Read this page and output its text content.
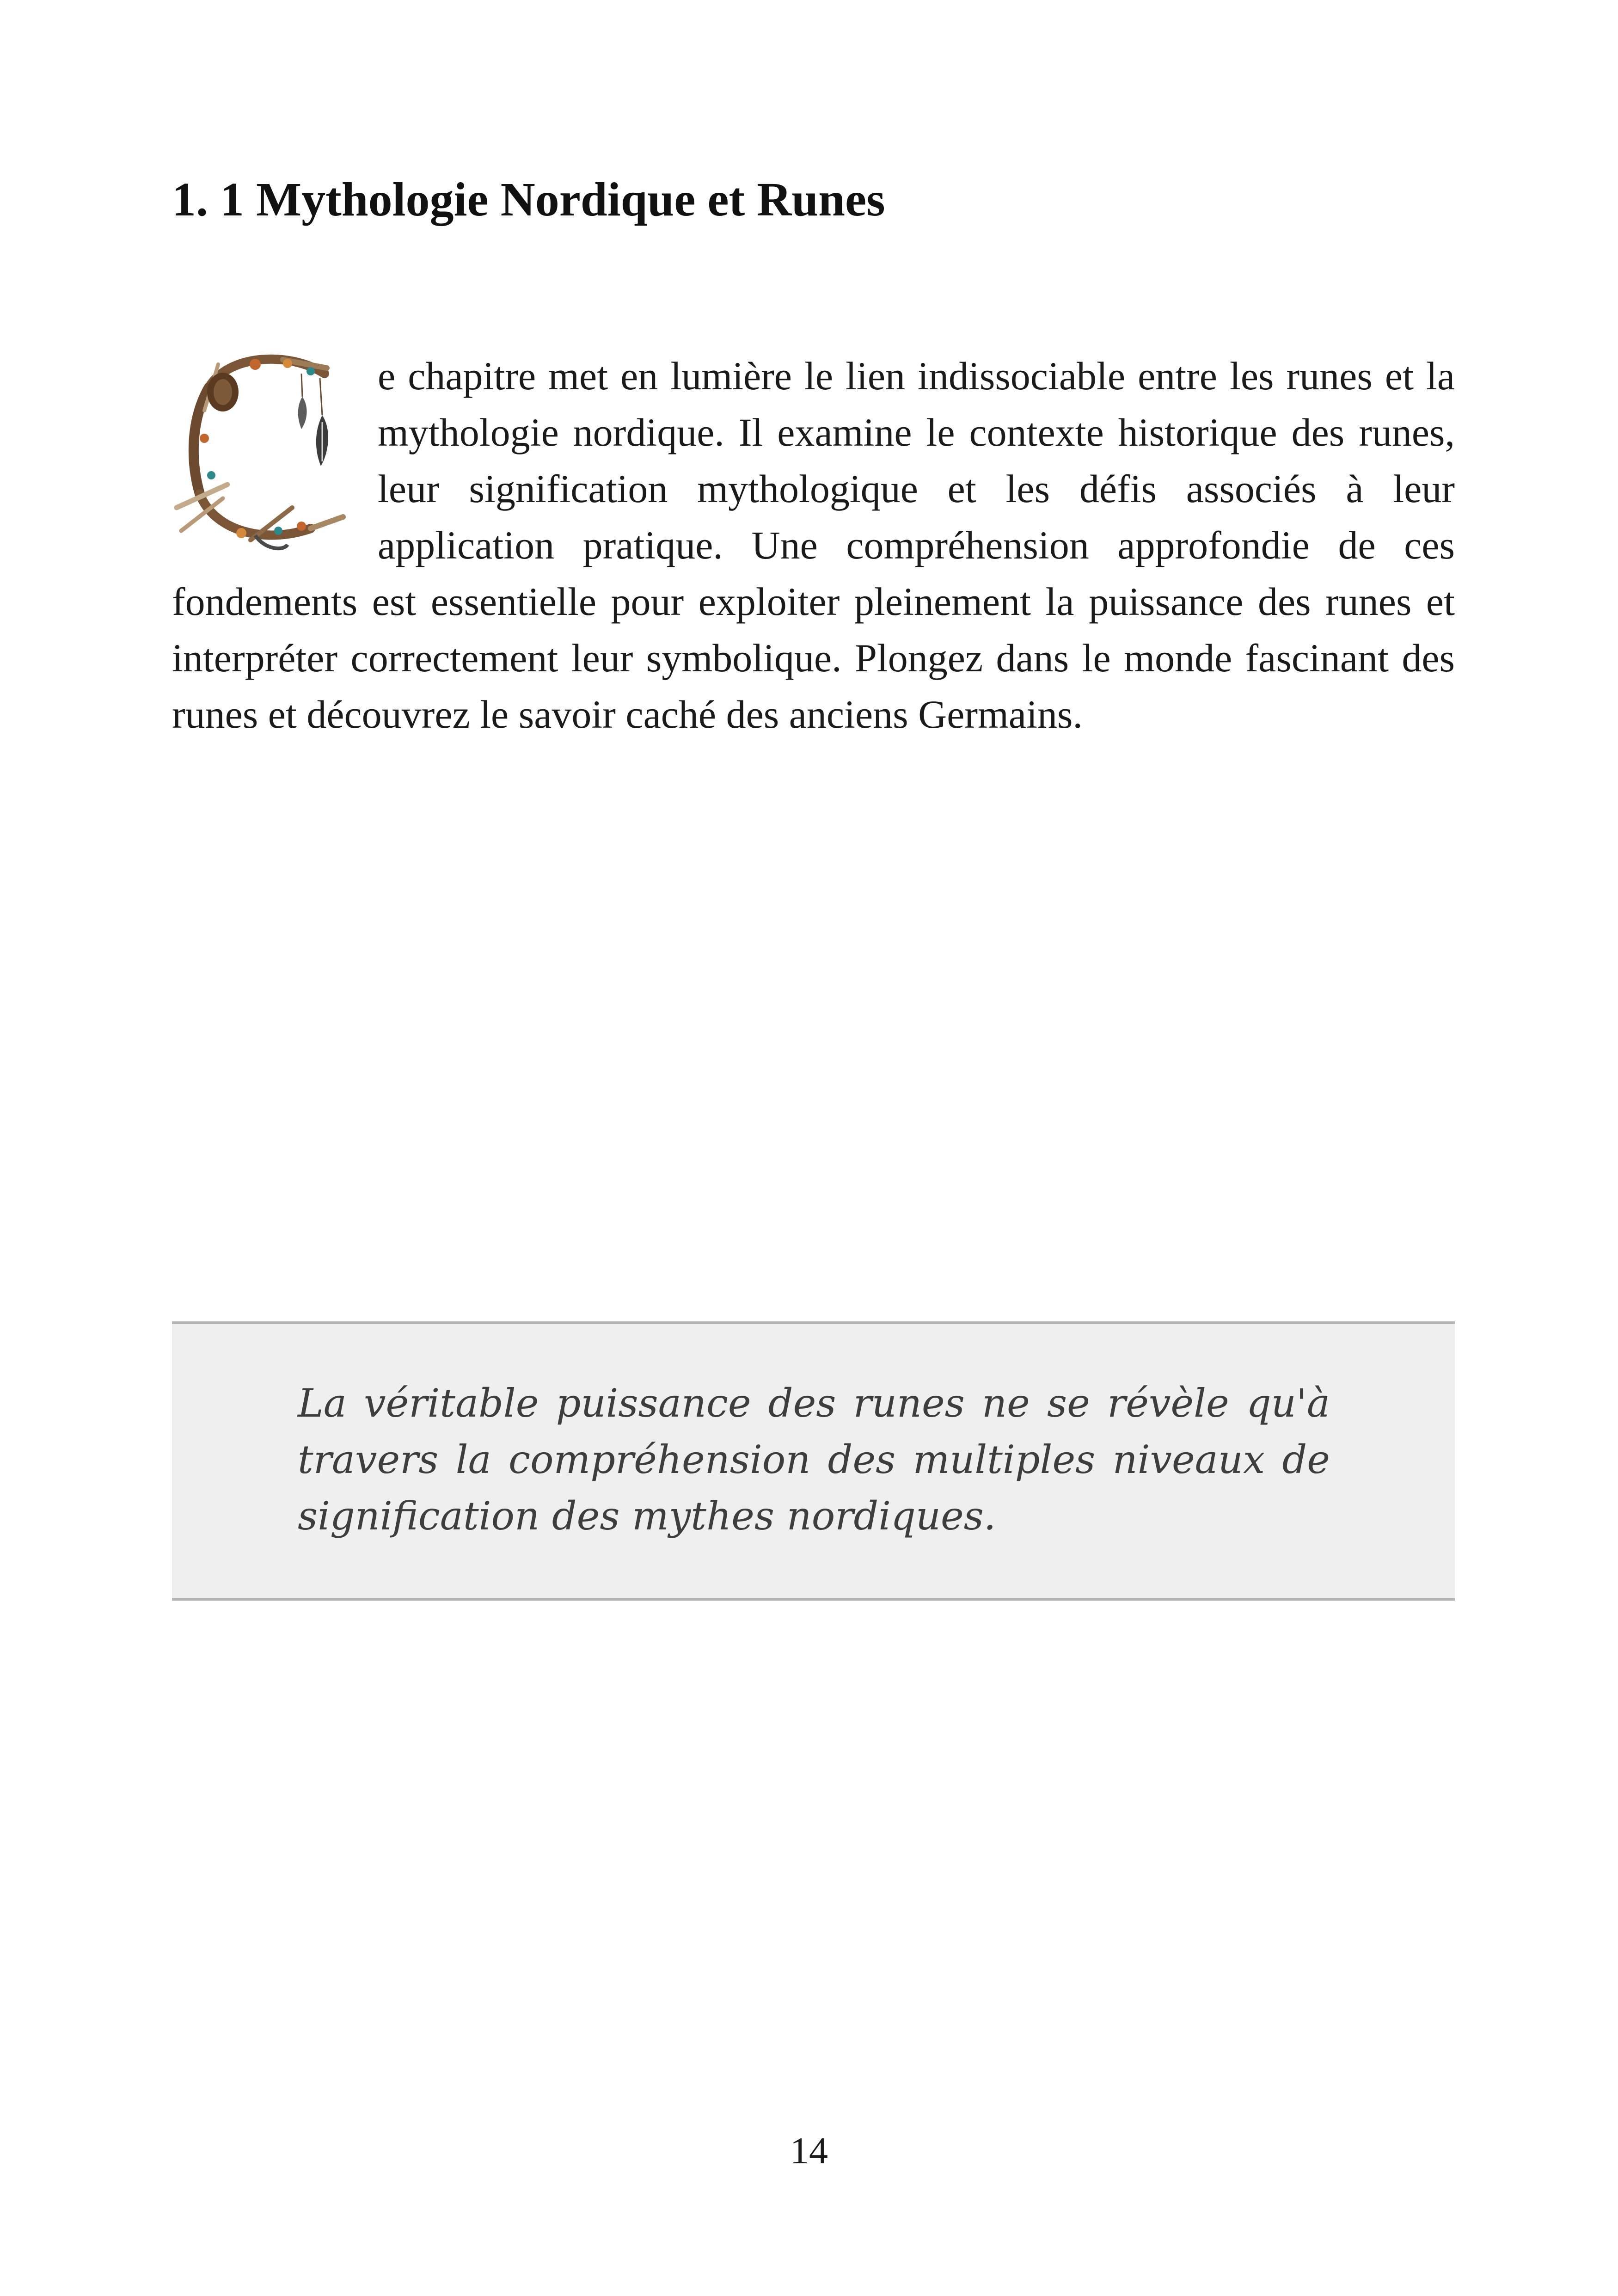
1. 1 Mythologie Nordique et Runes

e chapitre met en lumière le lien indissociable entre les runes et la mythologie nordique. Il examine le contexte historique des runes, leur signification mythologique et les défis associés à leur application pratique. Une compréhension approfondie de ces fondements est essentielle pour exploiter pleinement la puissance des runes et interpréter correctement leur symbolique. Plongez dans le monde fascinant des runes et découvrez le savoir caché des anciens Germains.

La véritable puissance des runes ne se révèle qu'à travers la compréhension des multiples niveaux de signification des mythes nordiques.

14
